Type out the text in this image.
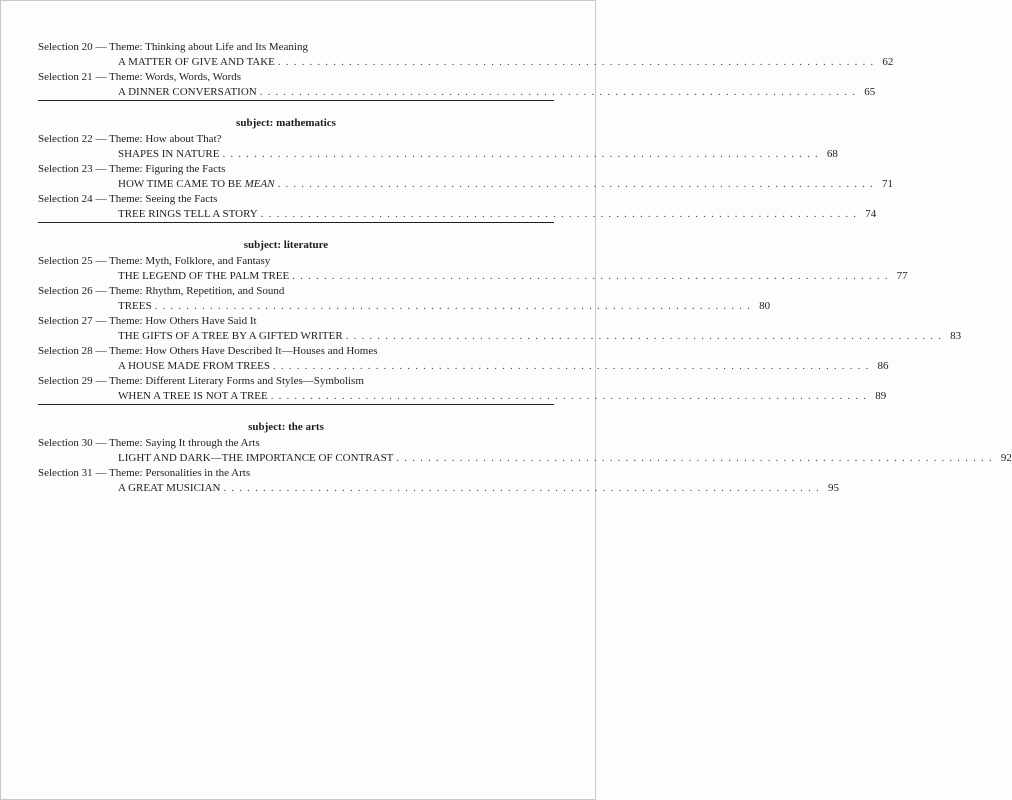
Selection 20 — Theme: Thinking about Life and Its Meaning
A MATTER OF GIVE AND TAKE . . . . . . . . . . . . . . . . . . . . . . . . . . . . . . . . . . . . . . . . . . . . . . . . . . . . . . . . . . . . . . . . . . . . . . . . . . . . 62
Selection 21 — Theme: Words, Words, Words
A DINNER CONVERSATION . . . . . . . . . . . . . . . . . . . . . . . . . . . . . . . . . . . . . . . . . . . . . . . . . . . . . . . . . . . . . . . . . . . . . . . . . . . . 65
subject: mathematics
Selection 22 — Theme: How about That?
SHAPES IN NATURE . . . . . . . . . . . . . . . . . . . . . . . . . . . . . . . . . . . . . . . . . . . . . . . . . . . . . . . . . . . . . . . . . . . . . . . . . . . . 68
Selection 23 — Theme: Figuring the Facts
HOW TIME CAME TO BE MEAN . . . . . . . . . . . . . . . . . . . . . . . . . . . . . . . . . . . . . . . . . . . . . . . . . . . . . . . . . . . . . . . . . . . . . . . . . . . . 71
Selection 24 — Theme: Seeing the Facts
TREE RINGS TELL A STORY . . . . . . . . . . . . . . . . . . . . . . . . . . . . . . . . . . . . . . . . . . . . . . . . . . . . . . . . . . . . . . . . . . . . . . . . . . . . 74
subject: literature
Selection 25 — Theme: Myth, Folklore, and Fantasy
THE LEGEND OF THE PALM TREE . . . . . . . . . . . . . . . . . . . . . . . . . . . . . . . . . . . . . . . . . . . . . . . . . . . . . . . . . . . . . . . . . . . . . . . . . . . . 77
Selection 26 — Theme: Rhythm, Repetition, and Sound
TREES . . . . . . . . . . . . . . . . . . . . . . . . . . . . . . . . . . . . . . . . . . . . . . . . . . . . . . . . . . . . . . . . . . . . . . . . . . . . 80
Selection 27 — Theme: How Others Have Said It
THE GIFTS OF A TREE BY A GIFTED WRITER . . . . . . . . . . . . . . . . . . . . . . . . . . . . . . . . . . . . . . . . . . . . . . . . . . . . . . . . . . . . . . . . . . . . . . . . . . . . 83
Selection 28 — Theme: How Others Have Described It—Houses and Homes
A HOUSE MADE FROM TREES . . . . . . . . . . . . . . . . . . . . . . . . . . . . . . . . . . . . . . . . . . . . . . . . . . . . . . . . . . . . . . . . . . . . . . . . . . . . 86
Selection 29 — Theme: Different Literary Forms and Styles—Symbolism
WHEN A TREE IS NOT A TREE . . . . . . . . . . . . . . . . . . . . . . . . . . . . . . . . . . . . . . . . . . . . . . . . . . . . . . . . . . . . . . . . . . . . . . . . . . . . 89
subject: the arts
Selection 30 — Theme: Saying It through the Arts
LIGHT AND DARK—THE IMPORTANCE OF CONTRAST . . . . . . . . . . . . . . . . . . . . . . . . . . . . . . . . . . . . . . . . . . . . . . . . . . . . . . . . . . . . . . . . . . . . . . . . . . . . 92
Selection 31 — Theme: Personalities in the Arts
A GREAT MUSICIAN . . . . . . . . . . . . . . . . . . . . . . . . . . . . . . . . . . . . . . . . . . . . . . . . . . . . . . . . . . . . . . . . . . . . . . . . . . . . 95
